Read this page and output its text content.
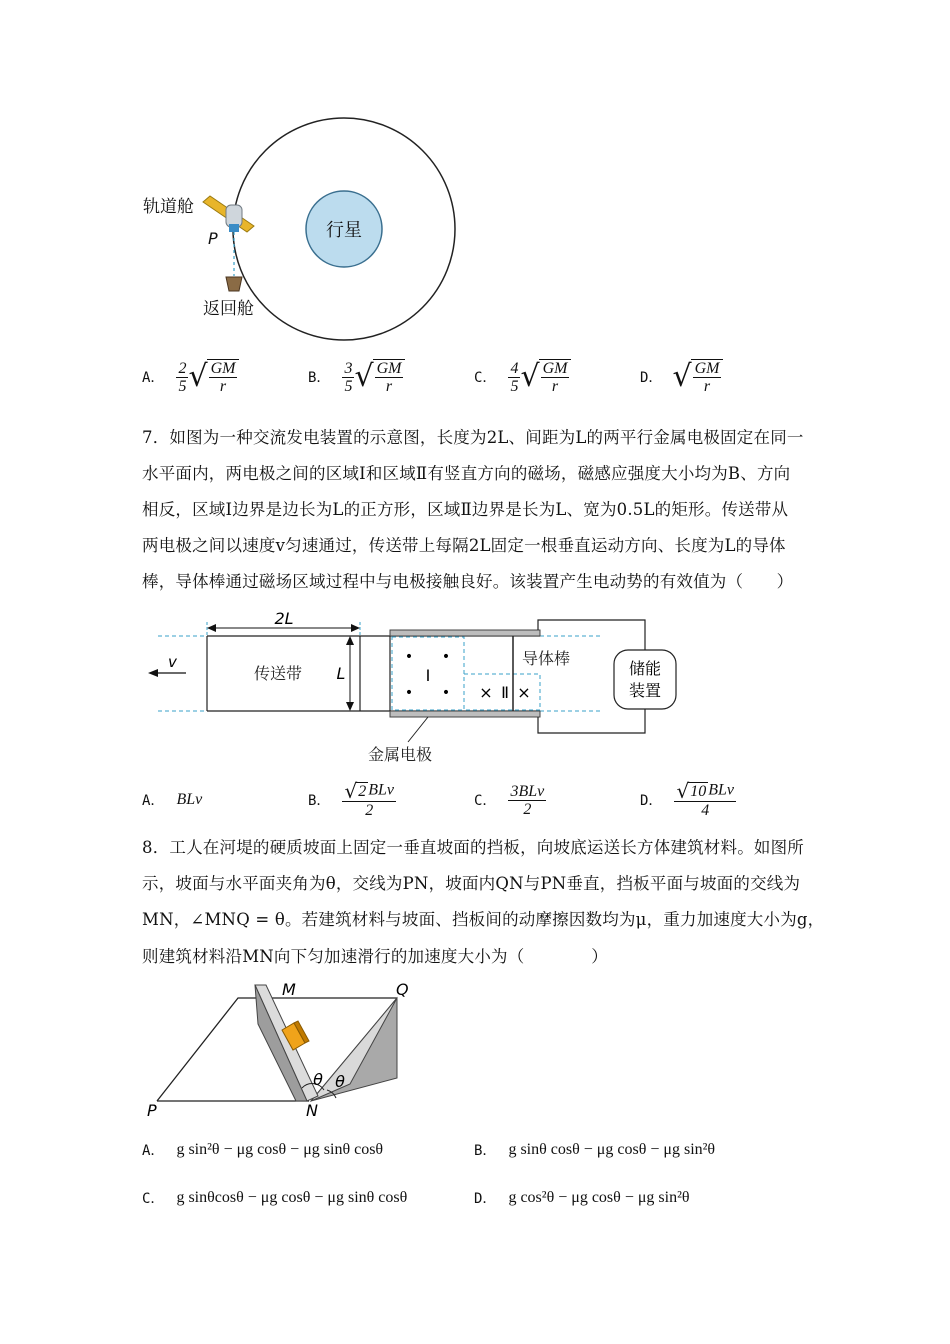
行星
轨道舱
P
返回舱
A． $\frac{2}{5}$ √ $\frac{GM}{r}$	B． $\frac{3}{5}$ √ $\frac{GM}{r}$	C． $\frac{4}{5}$ √ $\frac{GM}{r}$	D． √ $\frac{GM}{r}$
7．如图为一种交流发电装置的示意图，长度为2L、间距为L的两平行金属电极固定在同一
水平面内，两电极之间的区域Ⅰ和区域Ⅱ有竖直方向的磁场，磁感应强度大小均为B、方向
相反，区域Ⅰ边界是边长为L的正方形，区域Ⅱ边界是长为L、宽为0.5L的矩形。传送带从
两电极之间以速度v匀速通过，传送带上每隔2L固定一根垂直运动方向、长度为L的导体
棒，导体棒通过磁场区域过程中与电极接触良好。该装置产生电动势的有效值为（　　）
2L
v
传送带 L
• •
• •
Ⅰ
× Ⅱ ×
导体棒
储能
装置
金属电极
A． BLv	B． $\frac{\text{√ 2 BLv}}{2}$	C． $\frac{\text{3BLv}}{2}$	D． $\frac{\text{√ 10 BLv}}{4}$
8．工人在河堤的硬质坡面上固定一垂直坡面的挡板，向坡底运送长方体建筑材料。如图所
示，坡面与水平面夹角为θ，交线为PN，坡面内QN与PN垂直，挡板平面与坡面的交线为
MN，∠MNQ = θ。若建筑材料与坡面、挡板间的动摩擦因数均为μ，重力加速度大小为g，
则建筑材料沿MN向下匀加速滑行的加速度大小为（　　　　）
θ θ
M	Q
P	N
A． g sin²θ − μg cosθ − μg sinθ cosθ	B． g sinθ cosθ − μg cosθ − μg sin²θ
C． g sinθcosθ − μg cosθ − μg sinθ cosθ	D． g cos²θ − μg cosθ − μg sin²θ
